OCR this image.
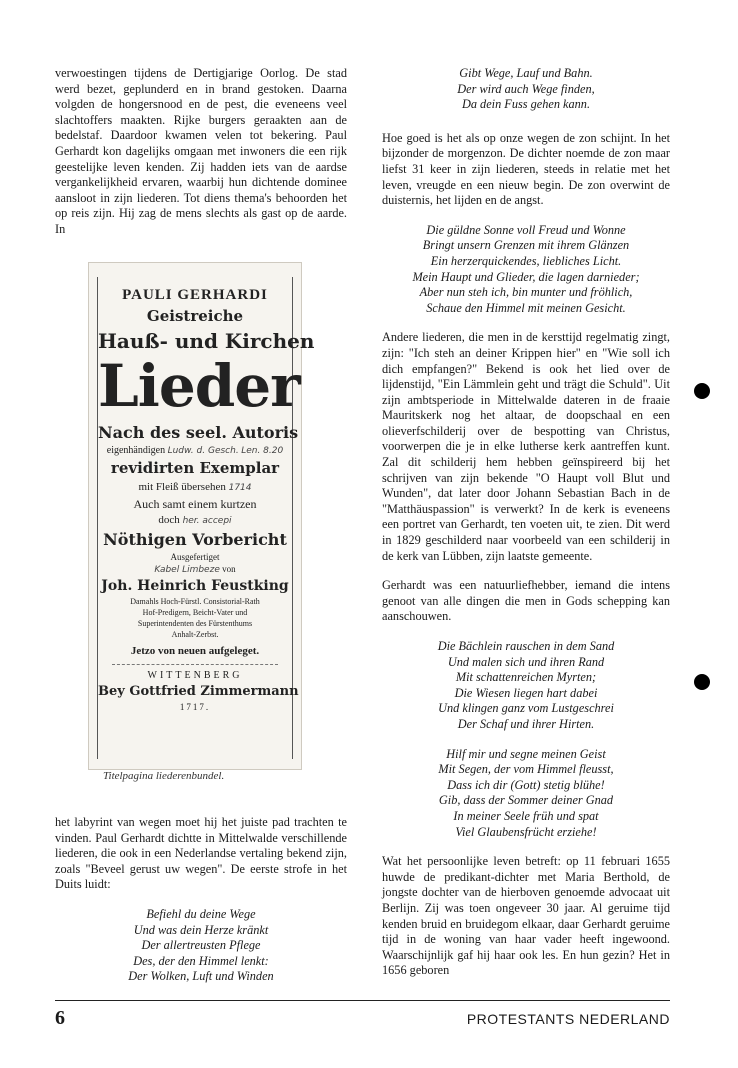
verwoestingen tijdens de Dertigjarige Oorlog. De stad werd bezet, geplunderd en in brand gestoken. Daarna volgden de hongersnood en de pest, die eveneens veel slachtoffers maakten. Rijke burgers geraakten aan de bedelstaf. Daardoor kwamen velen tot bekering. Paul Gerhardt kon dagelijks omgaan met inwoners die een rijk geestelijke leven kenden. Zij hadden iets van de aardse vergankelijkheid ervaren, waarbij hun dichtende dominee aansloot in zijn liederen. Tot diens thema's behoorden het op reis zijn. Hij zag de mens slechts als gast op de aarde. In

PAULI GERHARDI
Geistreiche
Hauß- und Kirchen
Lieder
Nach des seel. Autoris
eigenhändigen Ludw. d. Gesch. Len. 8.20
revidirten Exemplar
mit Fleiß übersehen 1714
Auch samt einem kurtzen
doch her. accepi
Nöthigen Vorbericht
Ausgefertiget
Kabel Limbeze von
Joh. Heinrich Feustking
Damahls Hoch-Fürstl. Consistorial-Rath
Hof-Predigern, Beicht-Vater und
Superintendenten des Fürstenthums
Anhalt-Zerbst.
Jetzo von neuen aufgeleget.
WITTENBERG
Bey Gottfried Zimmermann
1717.
Titelpagina liederenbundel.

het labyrint van wegen moet hij het juiste pad trachten te vinden. Paul Gerhardt dichtte in Mittelwalde verschillende liederen, die ook in een Nederlandse vertaling bekend zijn, zoals "Beveel gerust uw wegen". De eerste strofe in het Duits luidt:

Befiehl du deine Wege
Und was dein Herze kränkt
Der allertreusten Pflege
Des, der den Himmel lenkt:
Der Wolken, Luft und Winden
Gibt Wege, Lauf und Bahn.
Der wird auch Wege finden,
Da dein Fuss gehen kann.

Hoe goed is het als op onze wegen de zon schijnt. In het bijzonder de morgenzon. De dichter noemde de zon maar liefst 31 keer in zijn liederen, steeds in relatie met het leven, vreugde en een nieuw begin. De zon overwint de duisternis, het lijden en de angst.

Die güldne Sonne voll Freud und Wonne
Bringt unsern Grenzen mit ihrem Glänzen
Ein herzerquickendes, liebliches Licht.
Mein Haupt und Glieder, die lagen darnieder;
Aber nun steh ich, bin munter und fröhlich,
Schaue den Himmel mit meinen Gesicht.

Andere liederen, die men in de kersttijd regelmatig zingt, zijn: "Ich steh an deiner Krippen hier" en "Wie soll ich dich empfangen?" Bekend is ook het lied over de lijdenstijd, "Ein Lämmlein geht und trägt die Schuld". Uit zijn ambtsperiode in Mittelwalde dateren in de fraaie Mauritskerk nog het altaar, de doopschaal en een olieverfschilderij over de bespotting van Christus, voorwerpen die je in elke lutherse kerk aantreffen kunt. Zal dit schilderij hem hebben geïnspireerd bij het schrijven van zijn bekende "O Haupt voll Blut und Wunden", dat later door Johann Sebastian Bach in de "Matthäuspassion" is verwerkt? In de kerk is eveneens een portret van Gerhardt, ten voeten uit, te zien. Dit werd in 1829 geschilderd naar voorbeeld van een schilderij in de kerk van Lübben, zijn laatste gemeente.

Gerhardt was een natuurliefhebber, iemand die intens genoot van alle dingen die men in Gods schepping kan aanschouwen.

Die Bächlein rauschen in dem Sand
Und malen sich und ihren Rand
Mit schattenreichen Myrten;
Die Wiesen liegen hart dabei
Und klingen ganz vom Lustgeschrei
Der Schaf und ihrer Hirten.
Hilf mir und segne meinen Geist
Mit Segen, der vom Himmel fleusst,
Dass ich dir (Gott) stetig blühe!
Gib, dass der Sommer deiner Gnad
In meiner Seele früh und spat
Viel Glaubensfrücht erziehe!

Wat het persoonlijke leven betreft: op 11 februari 1655 huwde de predikant-dichter met Maria Berthold, de jongste dochter van de hierboven genoemde advocaat uit Berlijn. Zij was toen ongeveer 30 jaar. Al geruime tijd kenden bruid en bruidegom elkaar, daar Gerhardt geruime tijd in de woning van haar vader heeft ingewoond. Waarschijnlijk gaf hij haar ook les. En hun gezin? Het in 1656 geboren

6	PROTESTANTS NEDERLAND
